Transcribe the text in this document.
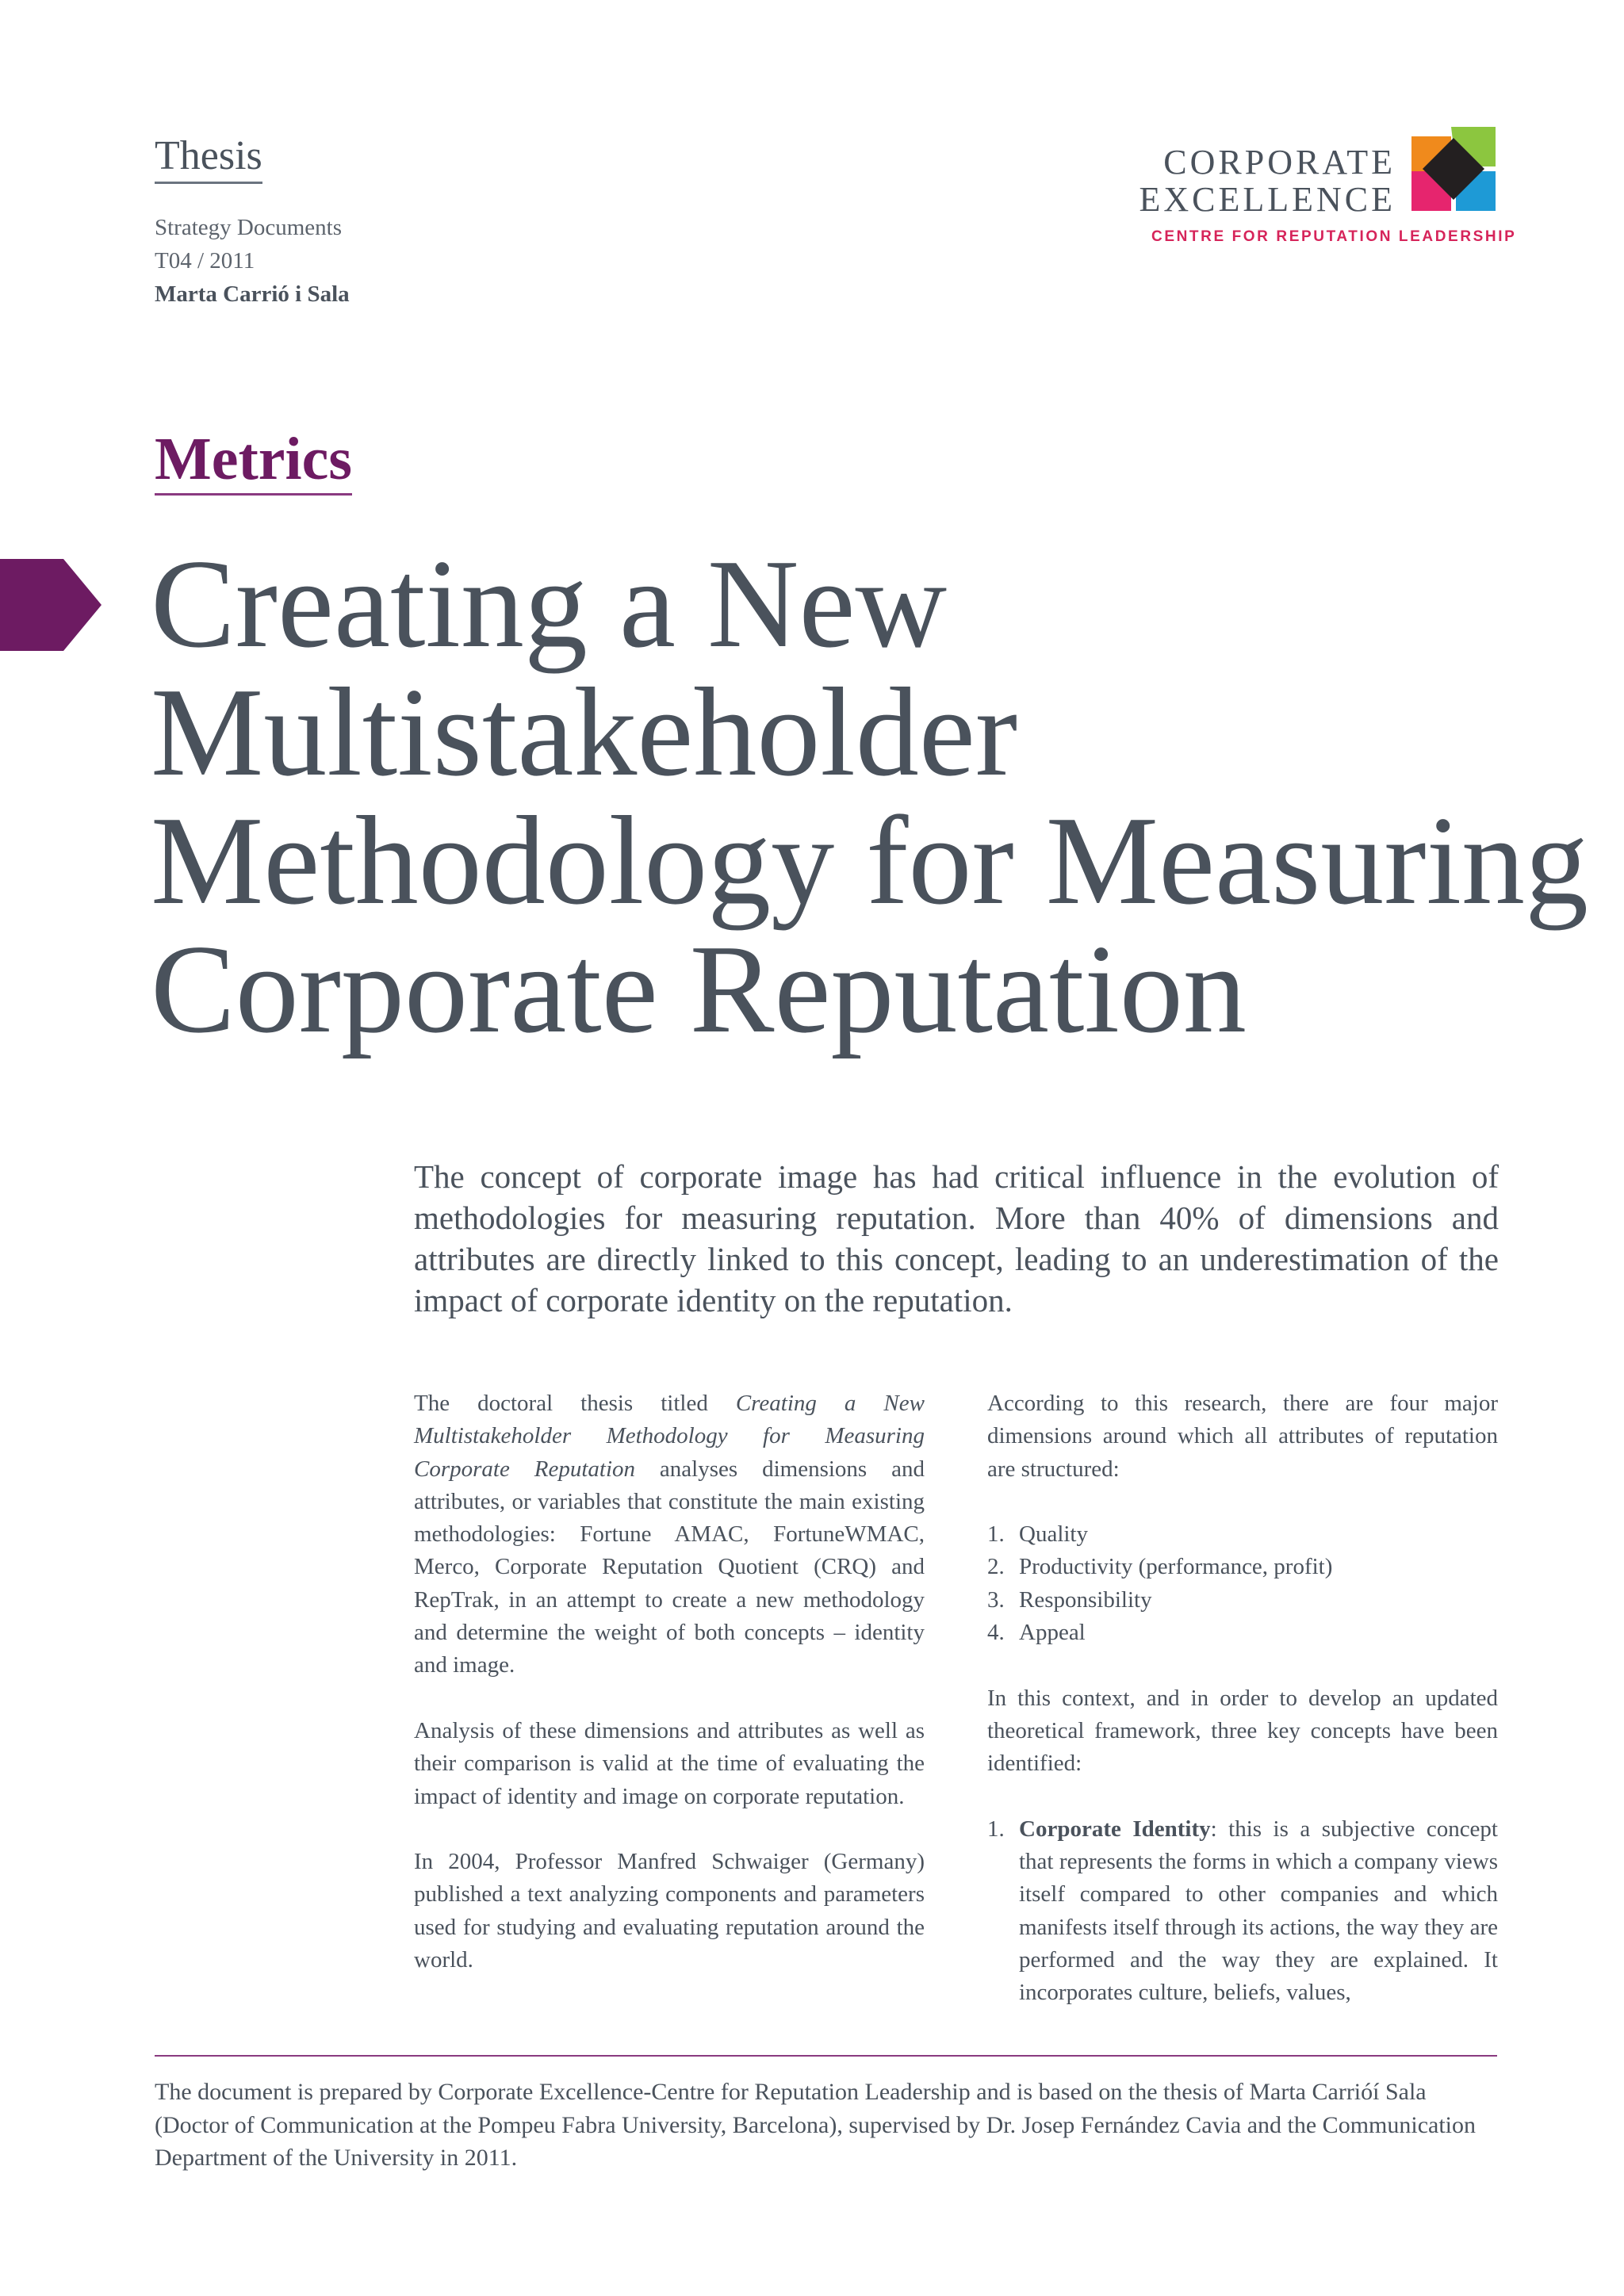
Thesis
Strategy Documents
T04 / 2011
Marta Carrió i Sala
CORPORATE
EXCELLENCE
CENTRE FOR REPUTATION LEADERSHIP
Metrics
Creating a New
Multistakeholder
Methodology for Measuring
Corporate Reputation

The concept of corporate image has had critical influence in the evolution of methodologies for measuring reputation. More than 40% of dimensions and attributes are directly linked to this concept, leading to an underestimation of the impact of corporate identity on the reputation.

The doctoral thesis titled Creating a New Multistakeholder Methodology for Measuring Corporate Reputation analyses dimensions and attributes, or variables that constitute the main existing methodologies: Fortune AMAC, FortuneWMAC, Merco, Corporate Reputation Quotient (CRQ) and RepTrak, in an attempt to create a new methodology and determine the weight of both concepts – identity and image.

Analysis of these dimensions and attributes as well as their comparison is valid at the time of evaluating the impact of identity and image on corporate reputation.

In 2004, Professor Manfred Schwaiger (Germany) published a text analyzing components and parameters used for studying and evaluating reputation around the world.

According to this research, there are four major dimensions around which all attributes of reputation are structured:

1. Quality
2. Productivity (performance, profit)
3. Responsibility
4. Appeal

In this context, and in order to develop an updated theoretical framework, three key concepts have been identified:

1. Corporate Identity: this is a subjective concept that represents the forms in which a company views itself compared to other companies and which manifests itself through its actions, the way they are performed and the way they are explained. It incorporates culture, beliefs, values,

The document is prepared by Corporate Excellence-Centre for Reputation Leadership and is based on the thesis of Marta Carrióí Sala (Doctor of Communication at the Pompeu Fabra University, Barcelona), supervised by Dr. Josep Fernández Cavia and the Communication Department of the University in 2011.
